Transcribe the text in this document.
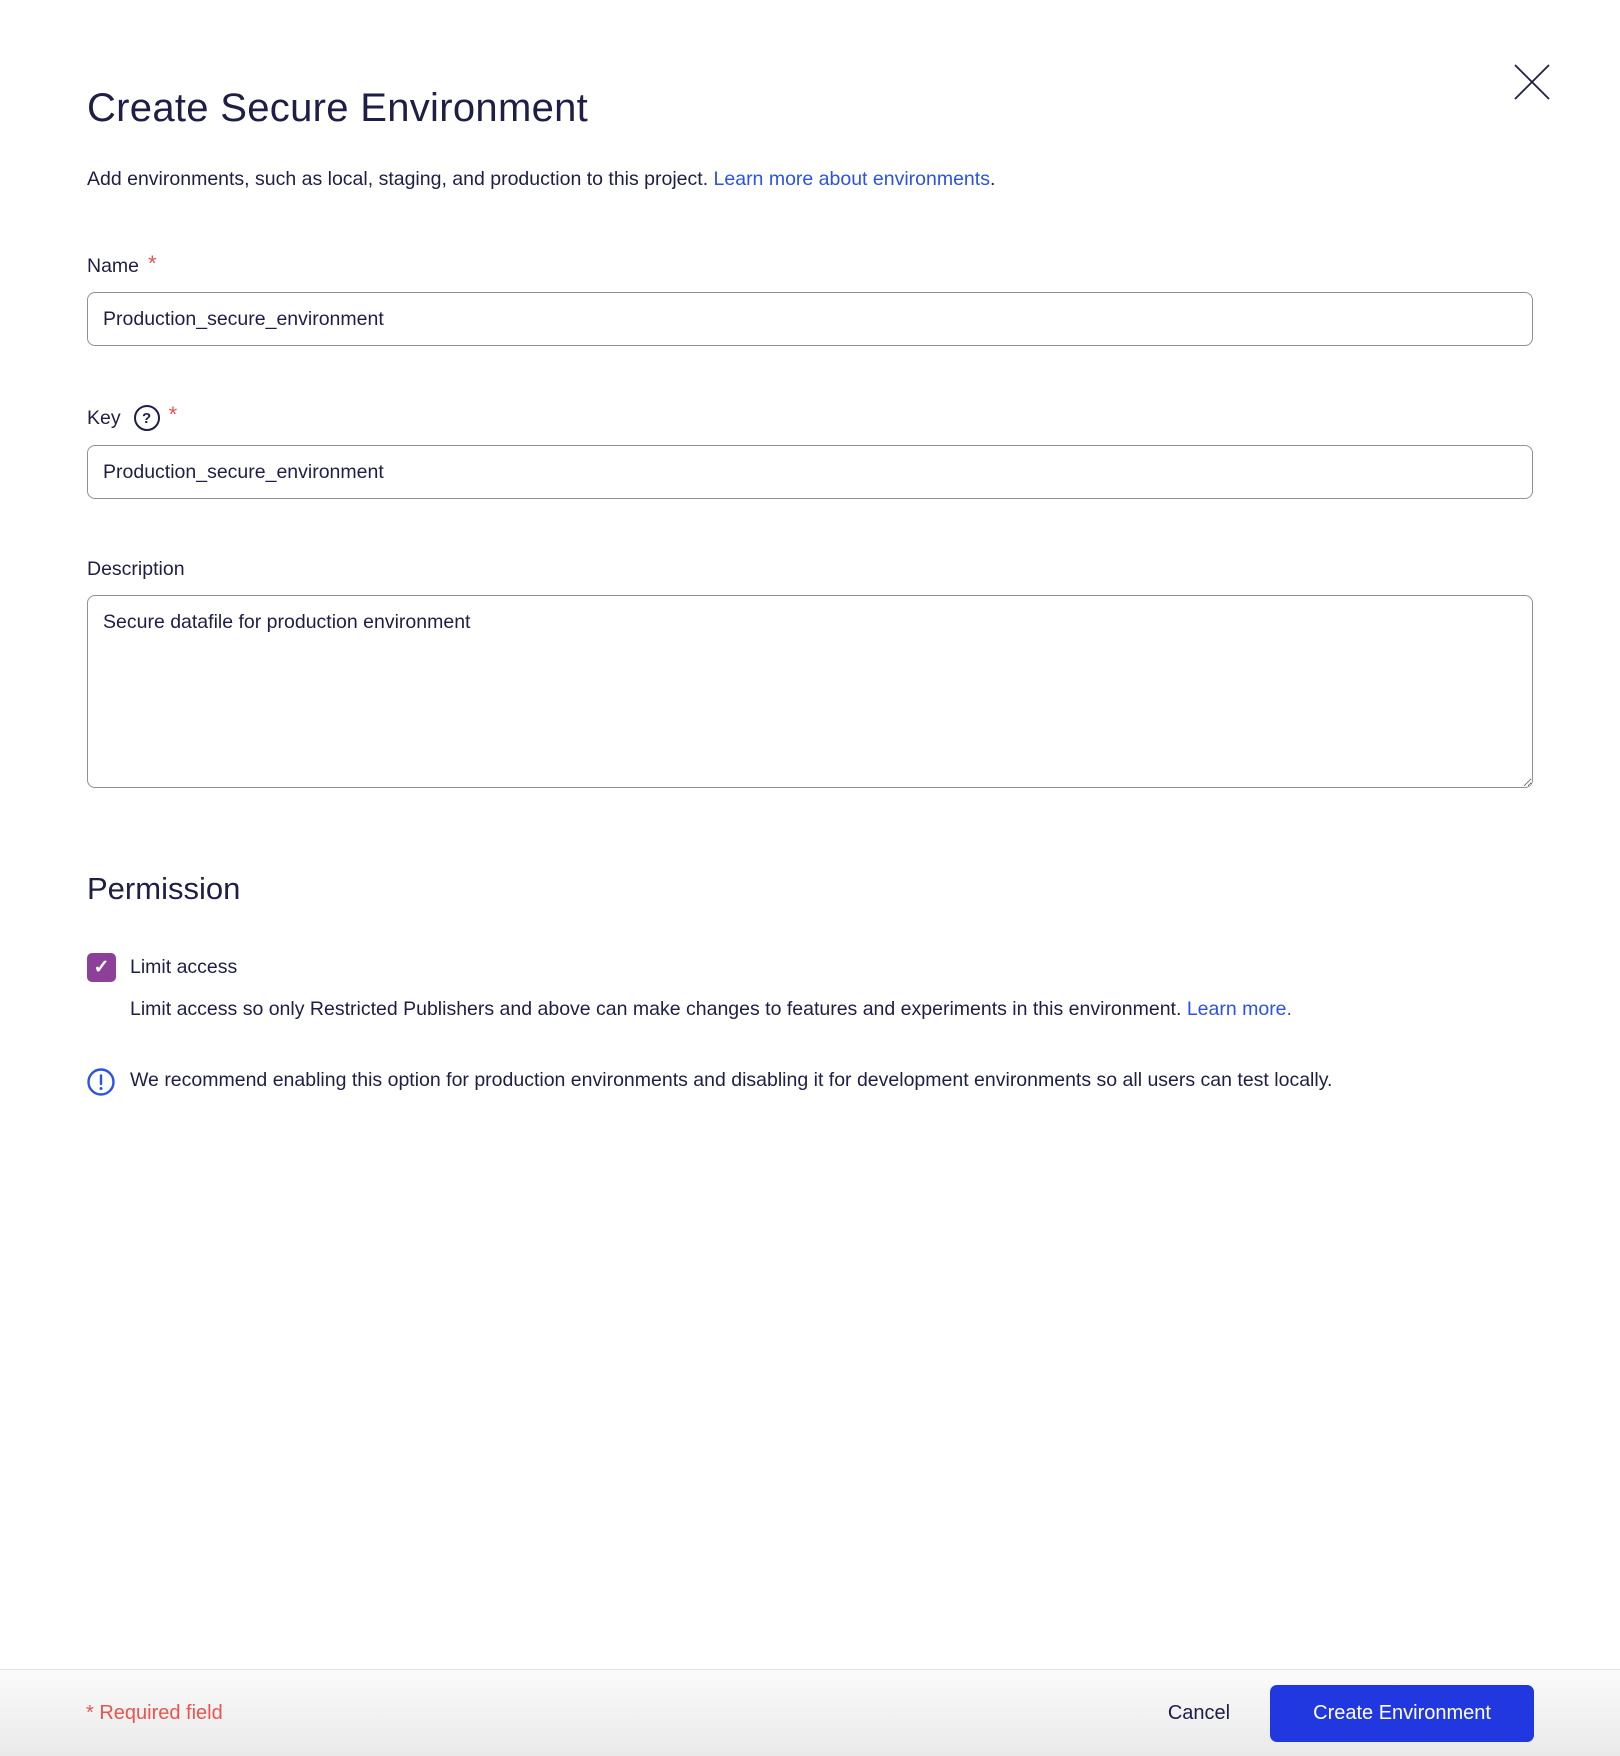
Create Secure Environment

Add environments, such as local, staging, and production to this project. Learn more about environments.

Name *
Production_secure_environment
Key	? *
Production_secure_environment
Description
Secure datafile for production environment
Permission
✓	Limit access

Limit access so only Restricted Publishers and above can make changes to features and experiments in this environment. Learn more.

We recommend enabling this option for production environments and disabling it for development environments so all users can test locally.

* Required field	Cancel	Create Environment
